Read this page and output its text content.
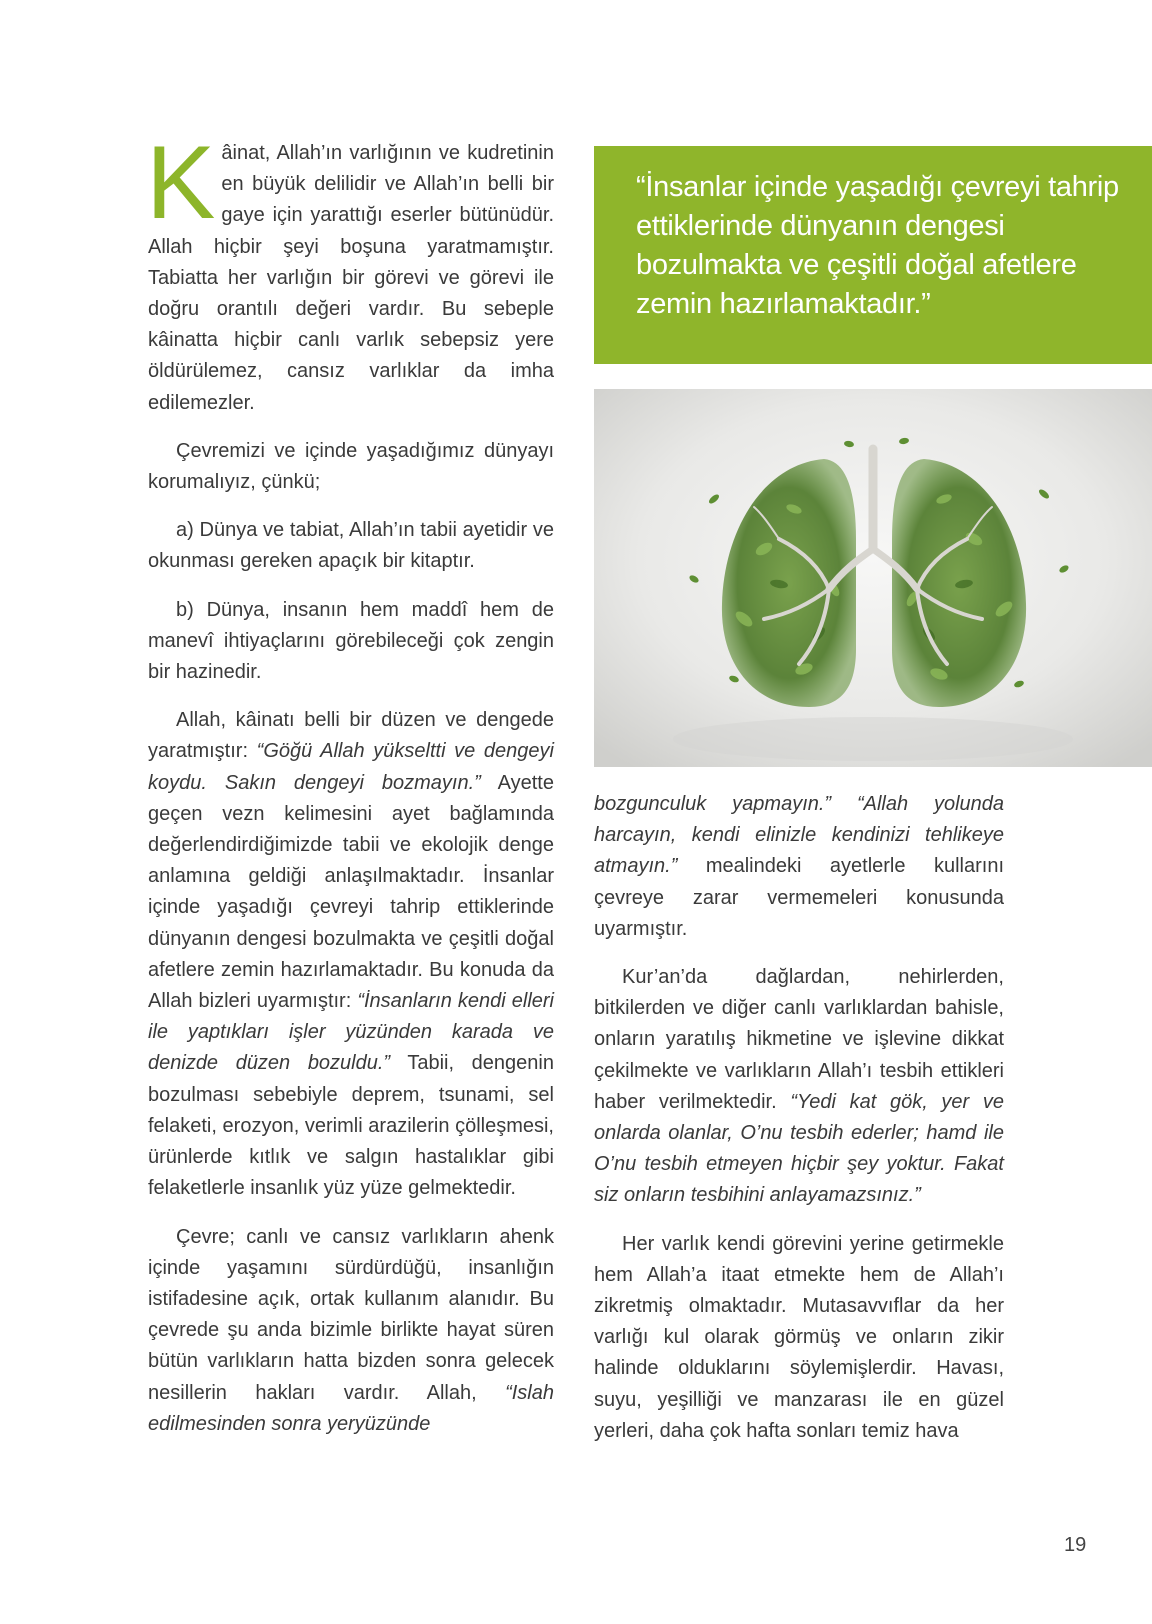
Kâinat, Allah’ın varlığının ve kudretinin en büyük delilidir ve Allah’ın belli bir gaye için yarattığı eserler bütünüdür. Allah hiçbir şeyi boşuna yaratmamıştır. Tabiatta her varlığın bir görevi ve görevi ile doğru orantılı değeri vardır. Bu sebeple kâinatta hiçbir canlı varlık sebepsiz yere öldürülemez, cansız varlıklar da imha edilemezler.

Çevremizi ve içinde yaşadığımız dünyayı korumalıyız, çünkü;

a) Dünya ve tabiat, Allah’ın tabii ayetidir ve okunması gereken apaçık bir kitaptır.

b) Dünya, insanın hem maddî hem de manevî ihtiyaçlarını görebileceği çok zengin bir hazinedir.

Allah, kâinatı belli bir düzen ve dengede yaratmıştır: “Göğü Allah yükseltti ve dengeyi koydu. Sakın dengeyi bozmayın.” Ayette geçen vezn kelimesini ayet bağlamında değerlendirdiğimizde tabii ve ekolojik denge anlamına geldiği anlaşılmaktadır. İnsanlar içinde yaşadığı çevreyi tahrip ettiklerinde dünyanın dengesi bozulmakta ve çeşitli doğal afetlere zemin hazırlamaktadır. Bu konuda da Allah bizleri uyarmıştır: “İnsanların kendi elleri ile yaptıkları işler yüzünden karada ve denizde düzen bozuldu.” Tabii, dengenin bozulması sebebiyle deprem, tsunami, sel felaketi, erozyon, verimli arazilerin çölleşmesi, ürünlerde kıtlık ve salgın hastalıklar gibi felaketlerle insanlık yüz yüze gelmektedir.

Çevre; canlı ve cansız varlıkların ahenk içinde yaşamını sürdürdüğü, insanlığın istifadesine açık, ortak kullanım alanıdır. Bu çevrede şu anda bizimle birlikte hayat süren bütün varlıkların hatta bizden sonra gelecek nesillerin hakları vardır. Allah, “Islah edilmesinden sonra yeryüzünde

“İnsanlar içinde yaşadığı çevreyi tahrip ettiklerinde dünyanın dengesi bozulmakta ve çeşitli doğal afetlere zemin hazırlamaktadır.”

bozgunculuk yapmayın.” “Allah yolunda harcayın, kendi elinizle kendinizi tehlikeye atmayın.” mealindeki ayetlerle kullarını çevreye zarar vermemeleri konusunda uyarmıştır.

Kur’an’da dağlardan, nehirlerden, bitkilerden ve diğer canlı varlıklardan bahisle, onların yaratılış hikmetine ve işlevine dikkat çekilmekte ve varlıkların Allah’ı tesbih ettikleri haber verilmektedir. “Yedi kat gök, yer ve onlarda olanlar, O’nu tesbih ederler; hamd ile O’nu tesbih etmeyen hiçbir şey yoktur. Fakat siz onların tesbihini anlayamazsınız.”

Her varlık kendi görevini yerine getirmekle hem Allah’a itaat etmekte hem de Allah’ı zikretmiş olmaktadır. Mutasavvıflar da her varlığı kul olarak görmüş ve onların zikir halinde olduklarını söylemişlerdir. Havası, suyu, yeşilliği ve manzarası ile en güzel yerleri, daha çok hafta sonları temiz hava

19
